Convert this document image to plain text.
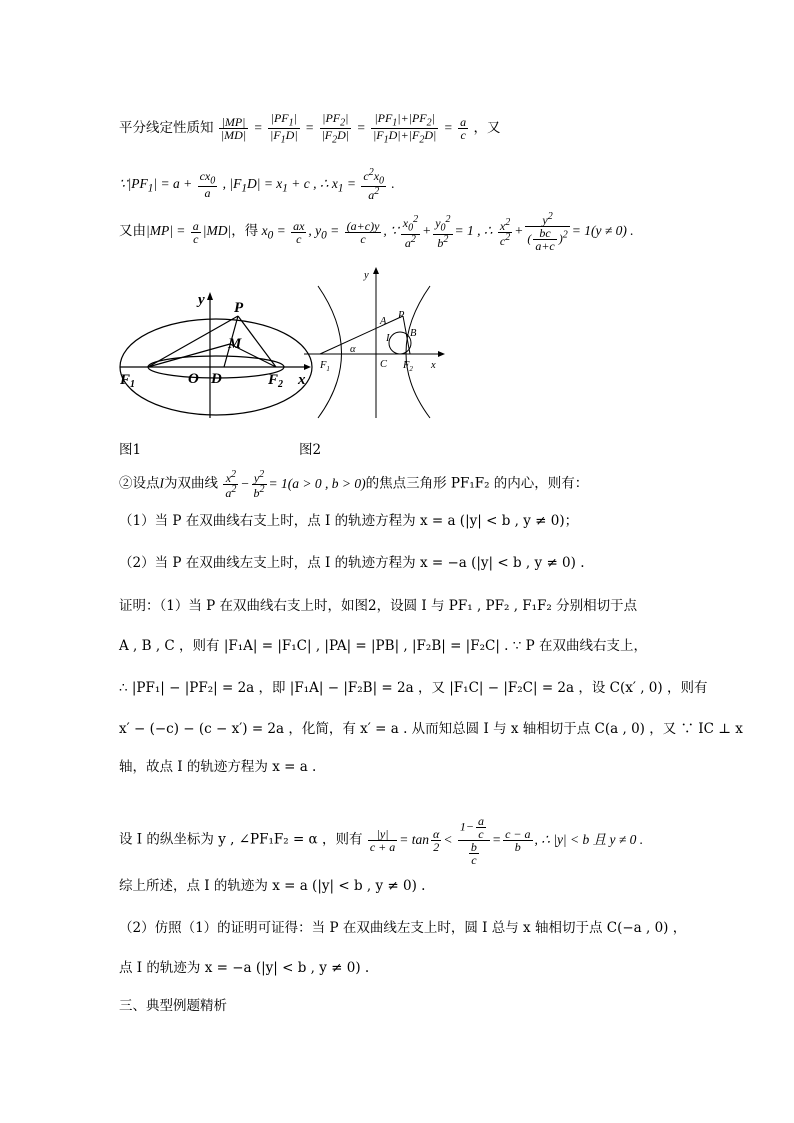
平分线定性质知 $\frac{|MP|}{|MD|} = \frac{|PF_1|}{|F_1D|} = \frac{|PF_2|}{|F_2D|} = \frac{|PF_1|+|PF_2|}{|F_1D|+|F_2D|} = \frac{a}{c}$ ，又
$\because|PF_1| = a + \frac{cx_0}{a}$ , $|F_1D| = x_1 + c$ , ∴ $x_1 = \frac{c^2x_0}{a^2}$ .
又由$|MP| = \frac{a}{c} |MD|$，得 $x_0 = \frac{ax}{c}$ , $y_0 = \frac{(a+c)y}{c}$ , ∵ $\frac{x_0^2}{a^2} + \frac{y_0^2}{b^2} = 1$ , ∴ $\frac{x^2}{c^2} + \frac{y^2}{( \frac{bc}{a+c} )^2} = 1(y \ne 0)$ .
y
x
P
M
O D
$F_1$	$F_2$
y
x
P
A
B
I
α
C
$F_1$	$F_2$
图1	图2
②设点I为双曲线 $\frac{x^2}{a^2} - \frac{y^2}{b^2} = 1(a > 0$ , b > 0)的焦点三角形 PF₁F₂ 的内心，则有：
（1）当 P 在双曲线右支上时，点 I 的轨迹方程为 x = a (|y| < b , y ≠ 0)；
（2）当 P 在双曲线左支上时，点 I 的轨迹方程为 x = −a (|y| < b , y ≠ 0) .
证明：（1）当 P 在双曲线右支上时，如图2，设圆 I 与 PF₁ , PF₂ , F₁F₂ 分别相切于点
A , B , C ，则有 |F₁A| = |F₁C| , |PA| = |PB| , |F₂B| = |F₂C| . ∵ P 在双曲线右支上，
∴ |PF₁| − |PF₂| = 2a ，即 |F₁A| − |F₂B| = 2a ，又 |F₁C| − |F₂C| = 2a ，设 C(x′ , 0) ，则有
x′ − (−c) − (c − x′) = 2a ，化简，有 x′ = a . 从而知总圆 I 与 x 轴相切于点 C(a , 0) ，又 ∵ IC ⊥ x
轴，故点 I 的轨迹方程为 x = a .
设 I 的纵坐标为 y , ∠PF₁F₂ = α ，则有 $\frac{|y|}{c + a} = \tan \frac{\alpha}{2} < \frac{1- \frac{a}{c}}{\frac{b}{c}} = \frac{c - a}{b}$ , ∴ |y| < b 且 y ≠ 0 .
综上所述，点 I 的轨迹为 x = a (|y| < b , y ≠ 0) .
（2）仿照（1）的证明可证得：当 P 在双曲线左支上时，圆 I 总与 x 轴相切于点 C(−a , 0) ，
点 I 的轨迹为 x = −a (|y| < b , y ≠ 0) .
三、典型例题精析
